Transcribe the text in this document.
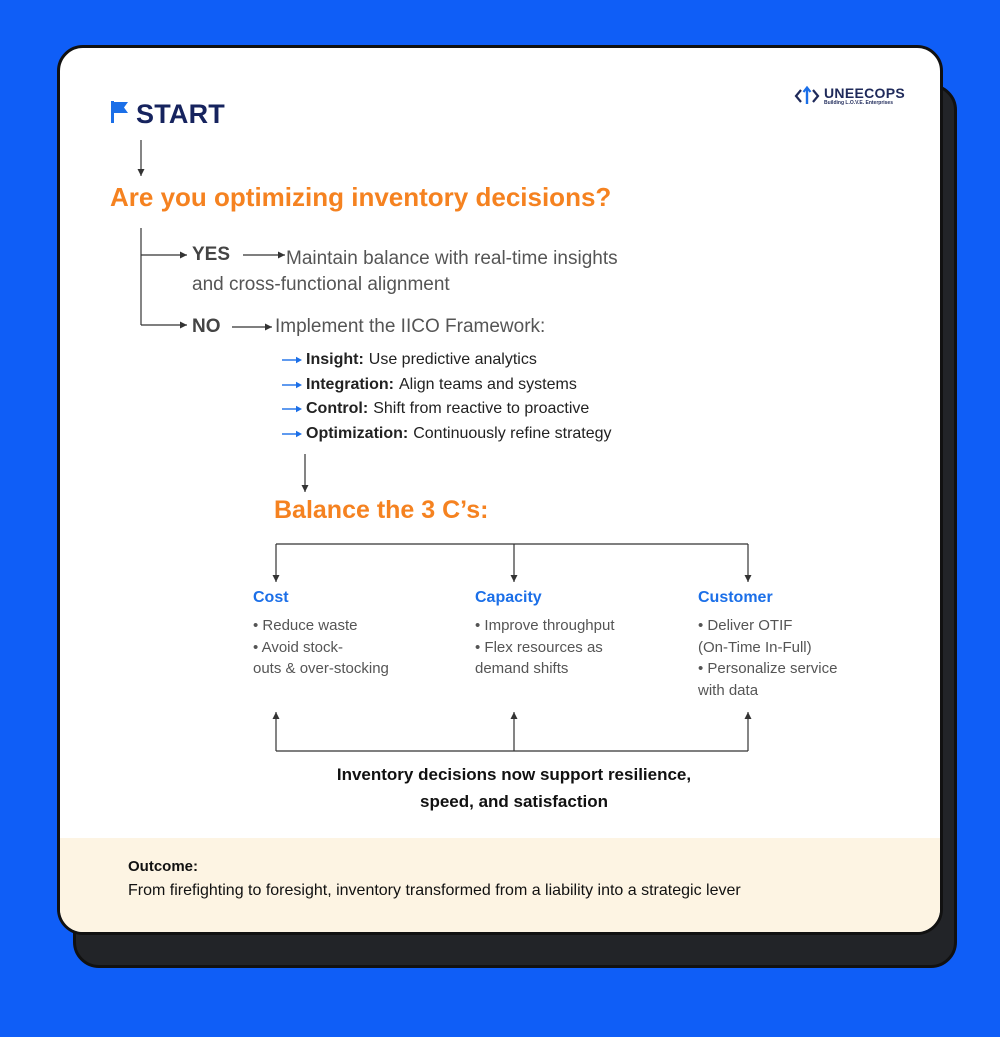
UNEECOPS
Building L.O.V.E. Enterprises
START
Are you optimizing inventory decisions?
YES	Maintain balance with real-time insights
and cross-functional alignment
NO	Implement the IICO Framework:
Insight: Use predictive analytics
Integration: Align teams and systems
Control: Shift from reactive to proactive
Optimization: Continuously refine strategy
Balance the 3 C’s:
Cost
• Reduce waste
• Avoid stock-
outs & over-stocking
Capacity
• Improve throughput
• Flex resources as
demand shifts
Customer
• Deliver OTIF
(On-Time In-Full)
• Personalize service
with data
Inventory decisions now support resilience,
speed, and satisfaction
Outcome:
From firefighting to foresight, inventory transformed from a liability into a strategic lever
